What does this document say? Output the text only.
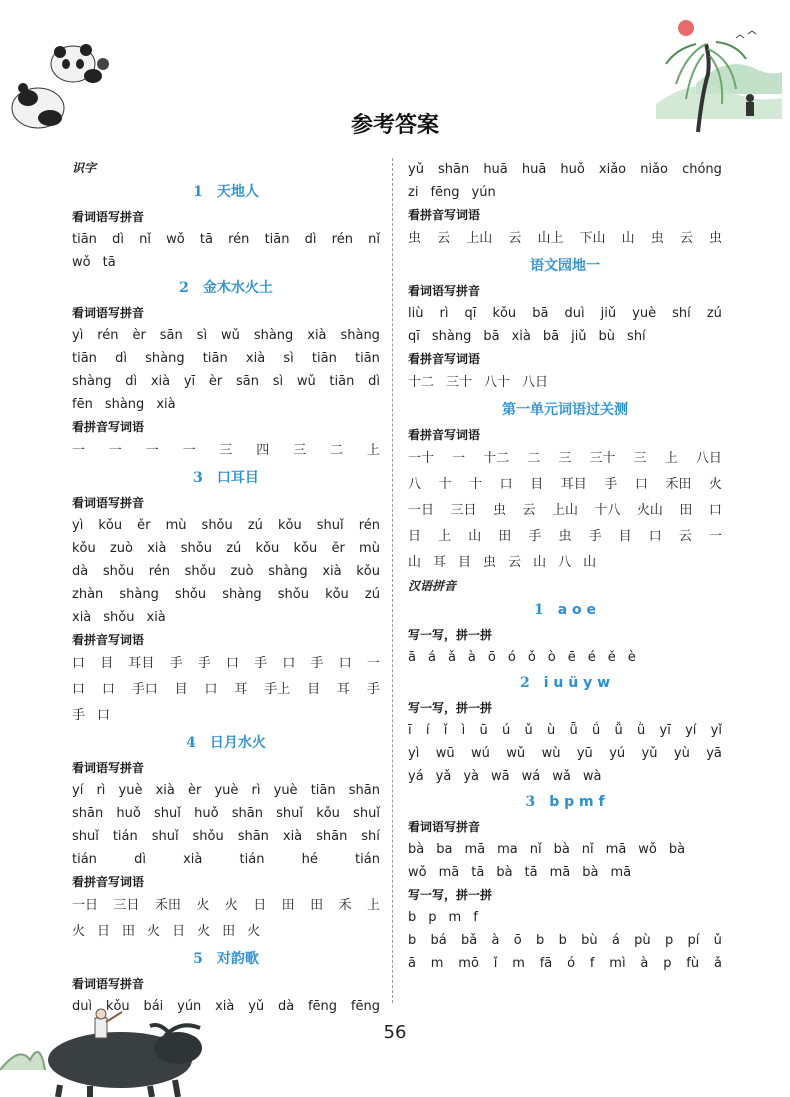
参考答案
识字
1 天地人
看词语写拼音
tiān dì nǐ wǒ tā rén tiān dì rén nǐ
wǒ tā
2 金木水火土
看词语写拼音
yì rén èr sān sì wǔ shàng xià shàng
tiān dì shàng tiān xià sì tiān tiān
shàng dì xià yī èr sān sì wǔ tiān dì
fēn shàng xià
看拼音写词语
一 一 一 一 三 四 三 二 上
3 口耳目
看词语写拼音
yì kǒu ěr mù shǒu zú kǒu shuǐ rén
kǒu zuò xià shǒu zú kǒu kǒu ěr mù
dà shǒu rén shǒu zuò shàng xià kǒu
zhàn shàng shǒu shàng shǒu kǒu zú
xià shǒu xià
看拼音写词语
口 目 耳目 手 手 口 手 口 手 口 一
口 口 手口 目 口 耳 手上 目 耳 手
手 口
4 日月水火
看词语写拼音
yí rì yuè xià èr yuè rì yuè tiān shān
shān huǒ shuǐ huǒ shān shuǐ kǒu shuǐ
shuǐ tián shuǐ shǒu shān xià shān shí
tián	dì	xià	tián	hé	tián
看拼音写词语
一日 三日 禾田 火 火 日 田 田 禾 上
火 日 田 火 日 火 田 火
5 对韵歌
看词语写拼音
duì kǒu bái yún xià yǔ dà fēng fēng
yǔ shān huā huā huǒ xiǎo niǎo chóng
zi fēng yún
看拼音写词语
虫 云 上山 云 山上 下山 山 虫 云 虫
语文园地一
看词语写拼音
liù rì qī kǒu bā duì jiǔ yuè shí zú
qī shàng bā xià bā jiǔ bù shí
看拼音写词语
十二 三十 八十 八日
第一单元词语过关测
看拼音写词语
一十 一 十二 二 三 三十 三 上 八日
八 十 十 口 目 耳目 手 口 禾田 火
一日 三日 虫 云 上山 十八 火山 田 口
日 上 山 田 手 虫 手 目 口 云 一
山 耳 目 虫 云 山 八 山
汉语拼音
1 a o e
写一写，拼一拼
ā á ǎ à ō ó ǒ ò ē é ě è
2 i u ü y w
写一写，拼一拼
ī í ǐ ì ū ú ǔ ù ǖ ǘ ǚ ǜ yī yí yǐ
yì wū wú wǔ wù yū yú yǔ yù yā
yá yǎ yà wā wá wǎ wà
3 b p m f
看词语写拼音
bà ba mā ma nǐ bà nǐ mā wǒ bà
wǒ mā tā bà tā mā bà mā
写一写，拼一拼
b p m f
b bá bǎ à ō b b bù á pù p pí ǔ
ā m mō ǐ m fā ó f mì à p fù ǎ
56
